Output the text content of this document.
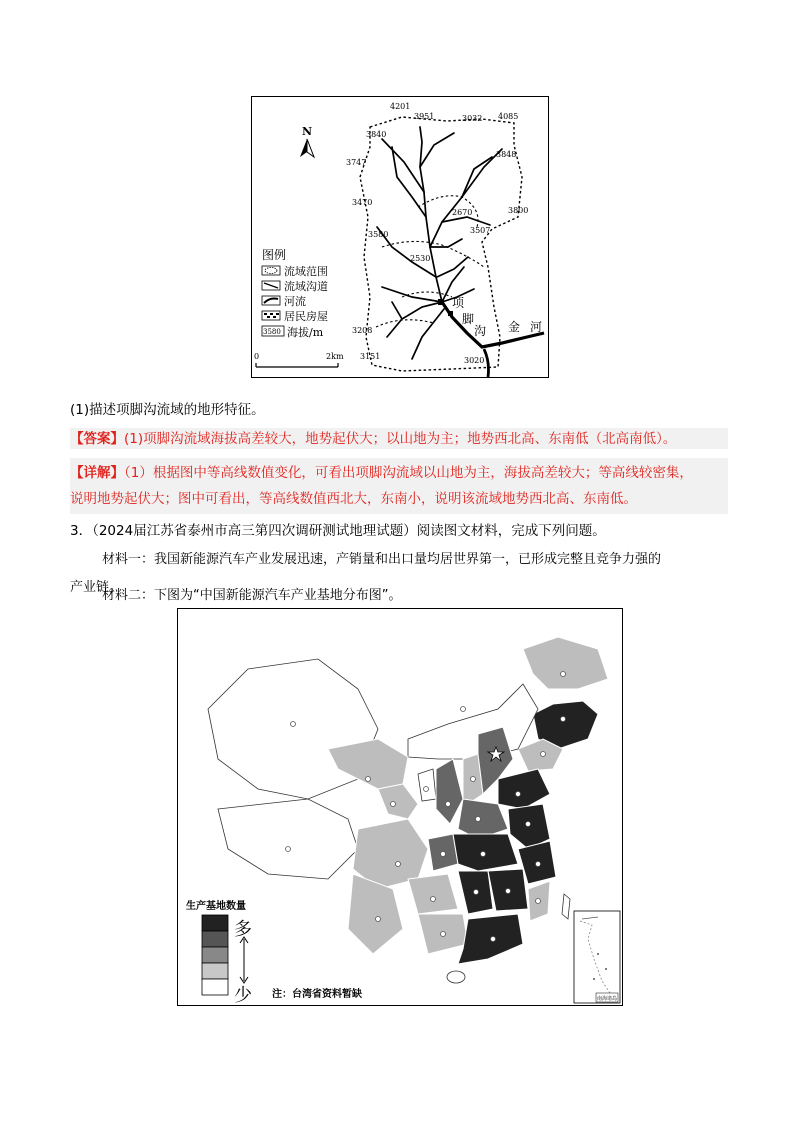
N
4201
3951	3032 4085
3840
3848
3747
3470
2670	3800
3507
3580
2530
3208
3151	3020
项
脚
沟 金 河
图例
流域范围
流域沟道
河流
居民房屋
3580 海拔/m
0	2km
(1)描述项脚沟流域的地形特征。
【答案】(1)项脚沟流域海拔高差较大，地势起伏大；以山地为主；地势西北高、东南低（北高南低）。
【详解】（1）根据图中等高线数值变化，可看出项脚沟流域以山地为主，海拔高差较大；等高线较密集，
说明地势起伏大；图中可看出，等高线数值西北大，东南小，说明该流域地势西北高、东南低。
3．（2024届江苏省泰州市高三第四次调研测试地理试题）阅读图文材料，完成下列问题。
材料一：我国新能源汽车产业发展迅速，产销量和出口量均居世界第一，已形成完整且竞争力强的
产业链。
材料二：下图为“中国新能源汽车产业基地分布图”。
生产基地数量
多
少 注：台湾省资料暂缺	南海诸岛
